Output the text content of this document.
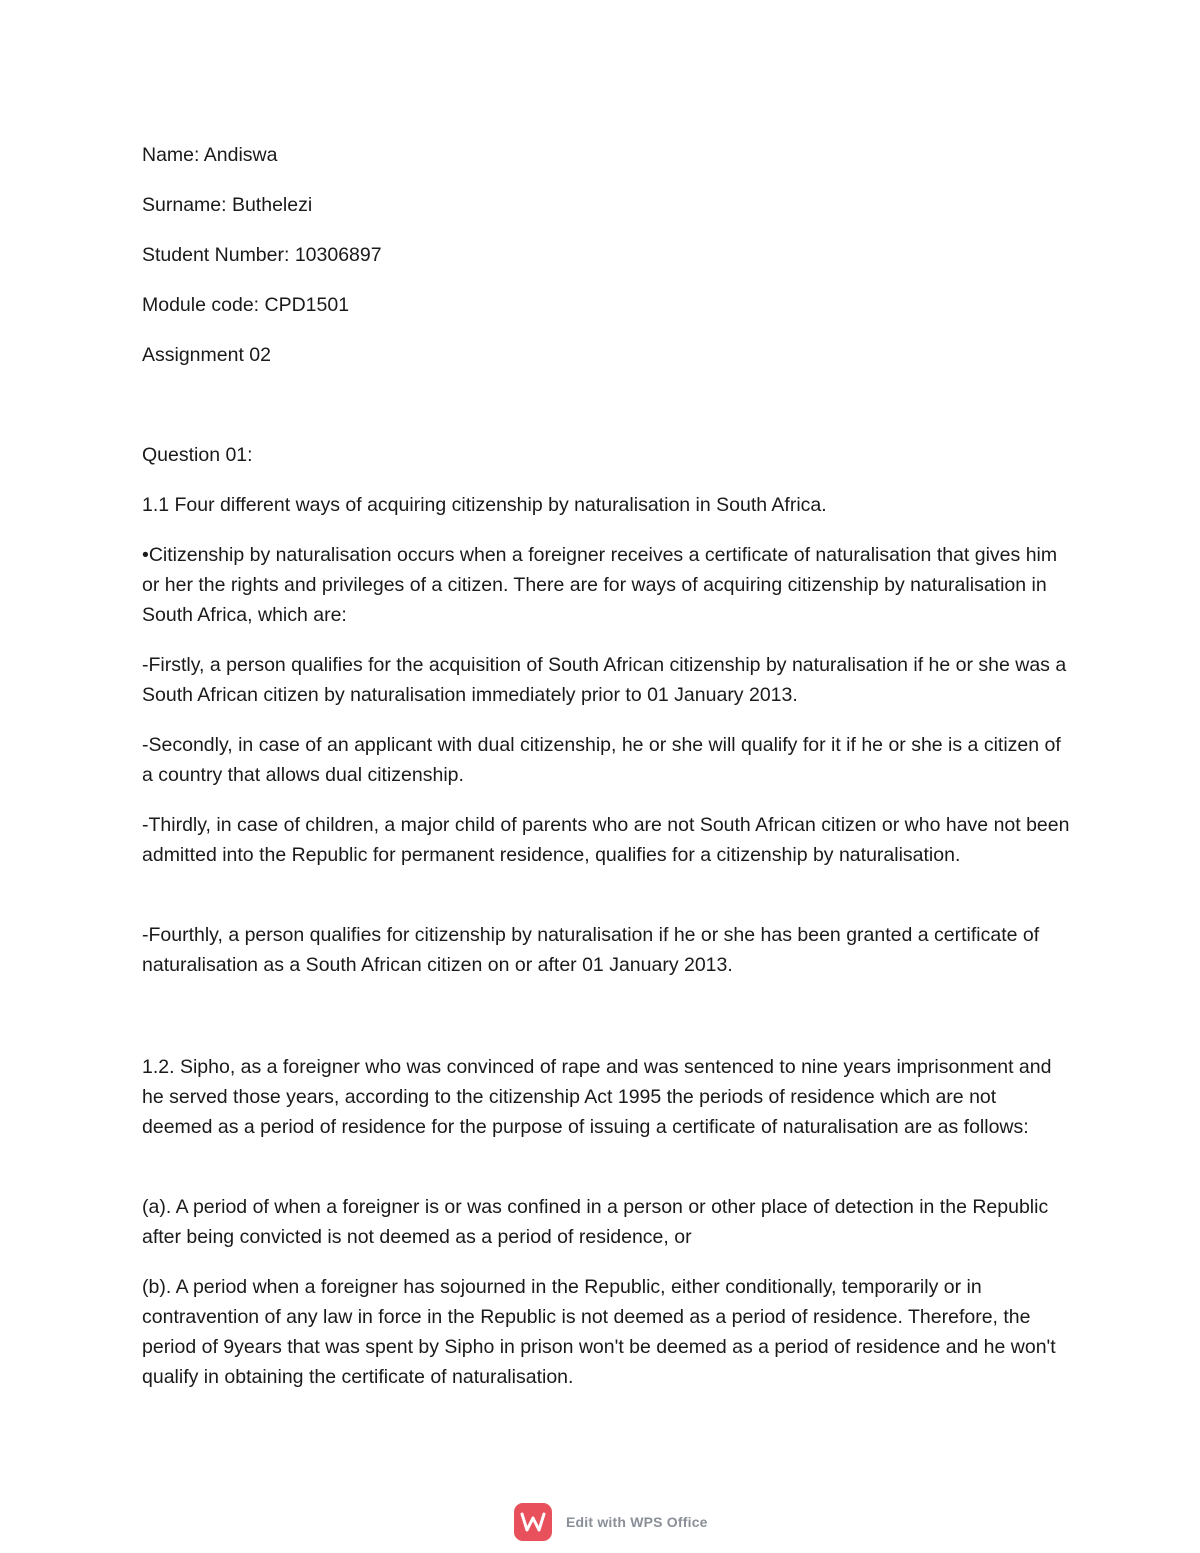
Name: Andiswa

Surname: Buthelezi

Student Number: 10306897

Module code: CPD1501

Assignment 02

Question 01:

1.1 Four different ways of acquiring citizenship by naturalisation in South Africa.

•Citizenship by naturalisation occurs when a foreigner receives a certificate of naturalisation that gives him or her the rights and privileges of a citizen. There are for ways of acquiring citizenship by naturalisation in South Africa, which are:

-Firstly, a person qualifies for the acquisition of South African citizenship by naturalisation if he or she was a South African citizen by naturalisation immediately prior to 01 January 2013.

-Secondly, in case of an applicant with dual citizenship, he or she will qualify for it if he or she is a citizen of a country that allows dual citizenship.

-Thirdly, in case of children, a major child of parents who are not South African citizen or who have not been admitted into the Republic for permanent residence, qualifies for a citizenship by naturalisation.

-Fourthly, a person qualifies for citizenship by naturalisation if he or she has been granted a certificate of naturalisation as a South African citizen on or after 01 January 2013.

1.2. Sipho, as a foreigner who was convinced of rape and was sentenced to nine years imprisonment and he served those years, according to the citizenship Act 1995 the periods of residence which are not deemed as a period of residence for the purpose of issuing a certificate of naturalisation are as follows:

(a). A period of when a foreigner is or was confined in a person or other place of detection in the Republic after being convicted is not deemed as a period of residence, or

(b). A period when a foreigner has sojourned in the Republic, either conditionally, temporarily or in contravention of any law in force in the Republic is not deemed as a period of residence. Therefore, the period of 9years that was spent by Sipho in prison won't be deemed as a period of residence and he won't qualify in obtaining the certificate of naturalisation.

Edit with WPS Office
